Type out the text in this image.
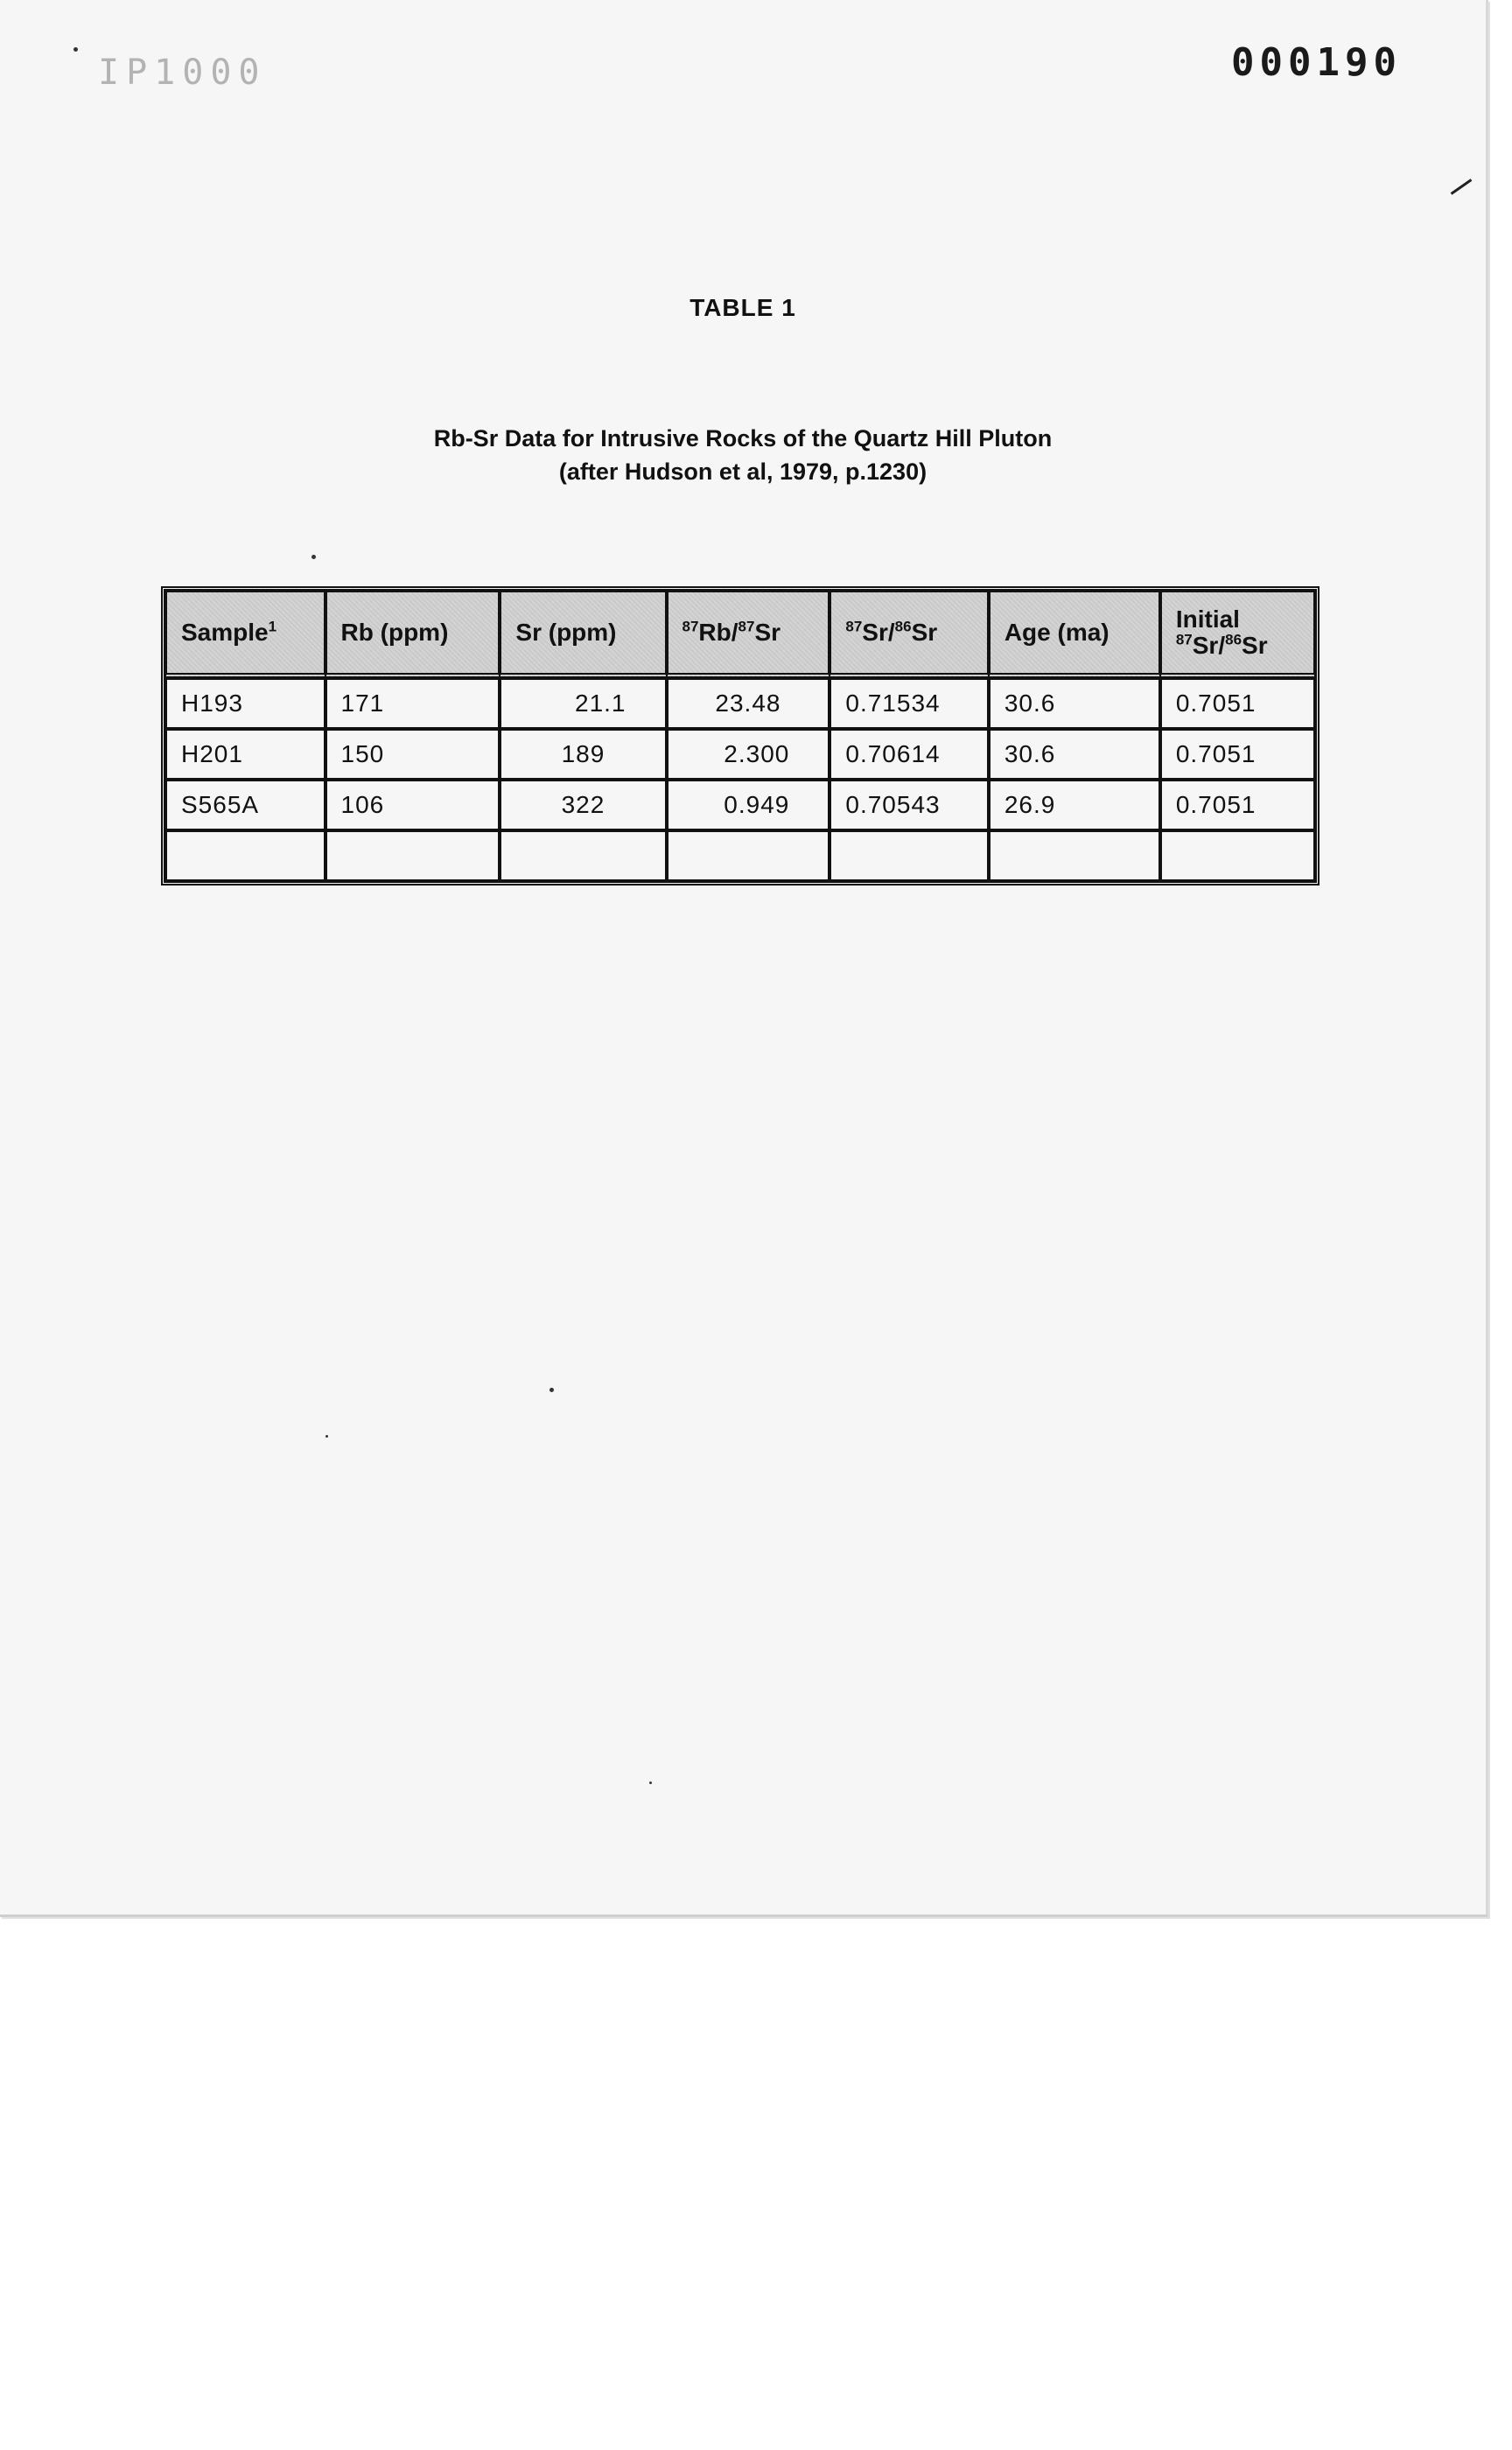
IP1000	000190
TABLE 1
Rb-Sr Data for Intrusive Rocks of the Quartz Hill Pluton
(after Hudson et al, 1979, p.1230)
Sample$^1$	Rb (ppm)	Sr (ppm)	$^{87}$Rb/$^{87}$Sr	$^{87}$Sr/$^{86}$Sr	Age (ma)	Initial
$^{87}$Sr/$^{86}$Sr
H193	171	21.1	23.48	0.71534	30.6	0.7051
H201	150	189	2.300	0.70614	30.6	0.7051
S565A	106	322	0.949	0.70543	26.9	0.7051
